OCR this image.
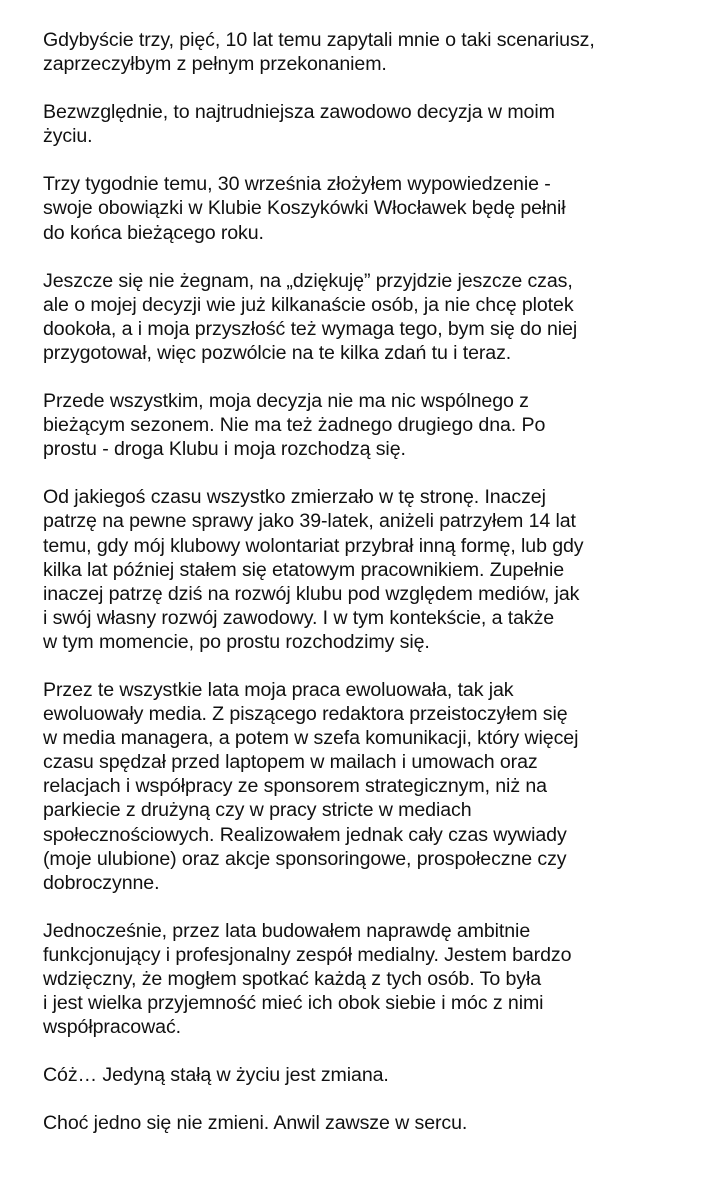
Gdybyście trzy, pięć, 10 lat temu zapytali mnie o taki scenariusz,
zaprzeczyłbym z pełnym przekonaniem.

Bezwzględnie, to najtrudniejsza zawodowo decyzja w moim
życiu.

Trzy tygodnie temu, 30 września złożyłem wypowiedzenie -
swoje obowiązki w Klubie Koszykówki Włocławek będę pełnił
do końca bieżącego roku.

Jeszcze się nie żegnam, na „dziękuję” przyjdzie jeszcze czas,
ale o mojej decyzji wie już kilkanaście osób, ja nie chcę plotek
dookoła, a i moja przyszłość też wymaga tego, bym się do niej
przygotował, więc pozwólcie na te kilka zdań tu i teraz.

Przede wszystkim, moja decyzja nie ma nic wspólnego z
bieżącym sezonem. Nie ma też żadnego drugiego dna. Po
prostu - droga Klubu i moja rozchodzą się.

Od jakiegoś czasu wszystko zmierzało w tę stronę. Inaczej
patrzę na pewne sprawy jako 39-latek, aniżeli patrzyłem 14 lat
temu, gdy mój klubowy wolontariat przybrał inną formę, lub gdy
kilka lat później stałem się etatowym pracownikiem. Zupełnie
inaczej patrzę dziś na rozwój klubu pod względem mediów, jak
i swój własny rozwój zawodowy. I w tym kontekście, a także
w tym momencie, po prostu rozchodzimy się.

Przez te wszystkie lata moja praca ewoluowała, tak jak
ewoluowały media. Z piszącego redaktora przeistoczyłem się
w media managera, a potem w szefa komunikacji, który więcej
czasu spędzał przed laptopem w mailach i umowach oraz
relacjach i współpracy ze sponsorem strategicznym, niż na
parkiecie z drużyną czy w pracy stricte w mediach
społecznościowych. Realizowałem jednak cały czas wywiady
(moje ulubione) oraz akcje sponsoringowe, prospołeczne czy
dobroczynne.

Jednocześnie, przez lata budowałem naprawdę ambitnie
funkcjonujący i profesjonalny zespół medialny. Jestem bardzo
wdzięczny, że mogłem spotkać każdą z tych osób. To była
i jest wielka przyjemność mieć ich obok siebie i móc z nimi
współpracować.

Cóż… Jedyną stałą w życiu jest zmiana.

Choć jedno się nie zmieni. Anwil zawsze w sercu.
